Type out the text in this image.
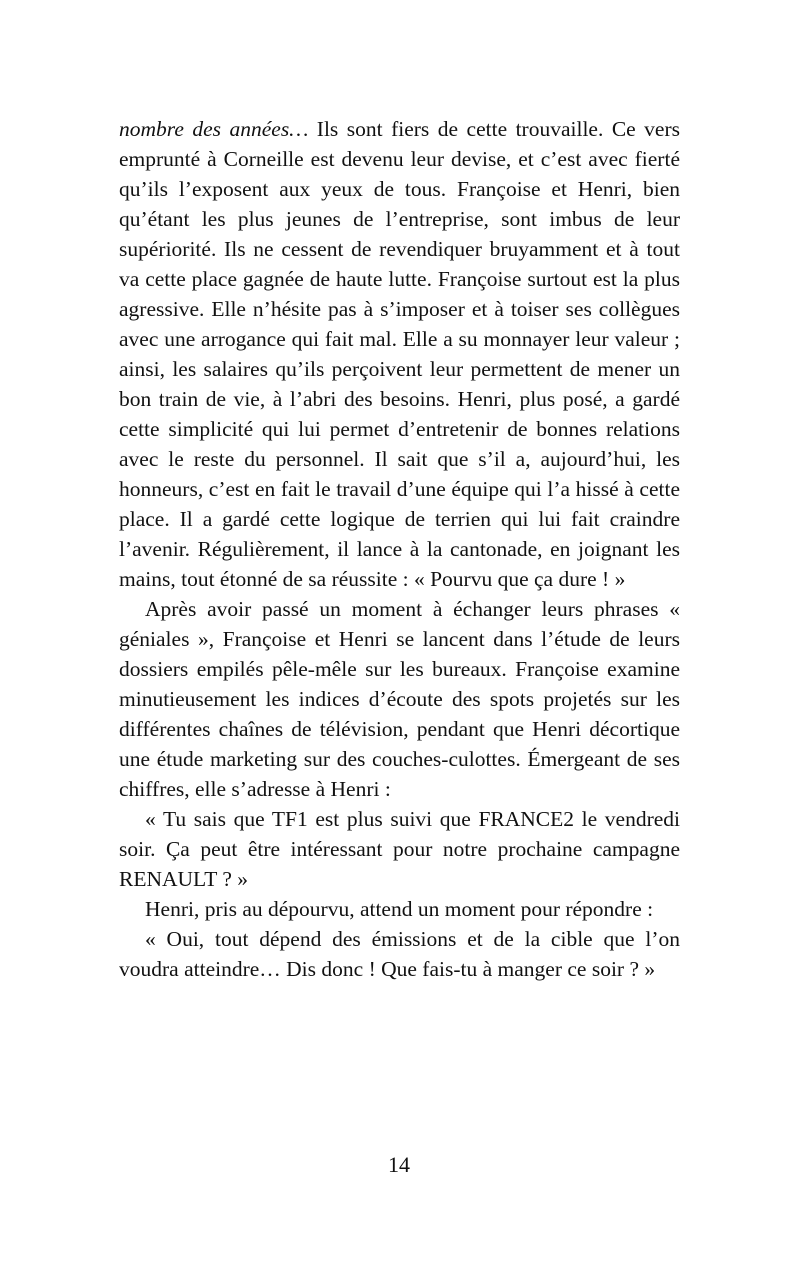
nombre des années… Ils sont fiers de cette trouvaille. Ce vers emprunté à Corneille est devenu leur devise, et c’est avec fierté qu’ils l’exposent aux yeux de tous. Françoise et Henri, bien qu’étant les plus jeunes de l’entreprise, sont imbus de leur supériorité. Ils ne cessent de revendiquer bruyamment et à tout va cette place gagnée de haute lutte. Françoise surtout est la plus agressive. Elle n’hésite pas à s’imposer et à toiser ses collègues avec une arrogance qui fait mal. Elle a su monnayer leur valeur ; ainsi, les salaires qu’ils perçoivent leur permettent de mener un bon train de vie, à l’abri des besoins. Henri, plus posé, a gardé cette simplicité qui lui permet d’entretenir de bonnes relations avec le reste du personnel. Il sait que s’il a, aujourd’hui, les honneurs, c’est en fait le travail d’une équipe qui l’a hissé à cette place. Il a gardé cette logique de terrien qui lui fait craindre l’avenir. Régulièrement, il lance à la cantonade, en joignant les mains, tout étonné de sa réussite : « Pourvu que ça dure ! »

Après avoir passé un moment à échanger leurs phrases « géniales », Françoise et Henri se lancent dans l’étude de leurs dossiers empilés pêle-mêle sur les bureaux. Françoise examine minutieusement les indices d’écoute des spots projetés sur les différentes chaînes de télévision, pendant que Henri décortique une étude marketing sur des couches-culottes. Émergeant de ses chiffres, elle s’adresse à Henri :

« Tu sais que TF1 est plus suivi que FRANCE2 le vendredi soir. Ça peut être intéressant pour notre prochaine campagne RENAULT ? »

Henri, pris au dépourvu, attend un moment pour répondre :

« Oui, tout dépend des émissions et de la cible que l’on voudra atteindre… Dis donc ! Que fais-tu à manger ce soir ? »

14
